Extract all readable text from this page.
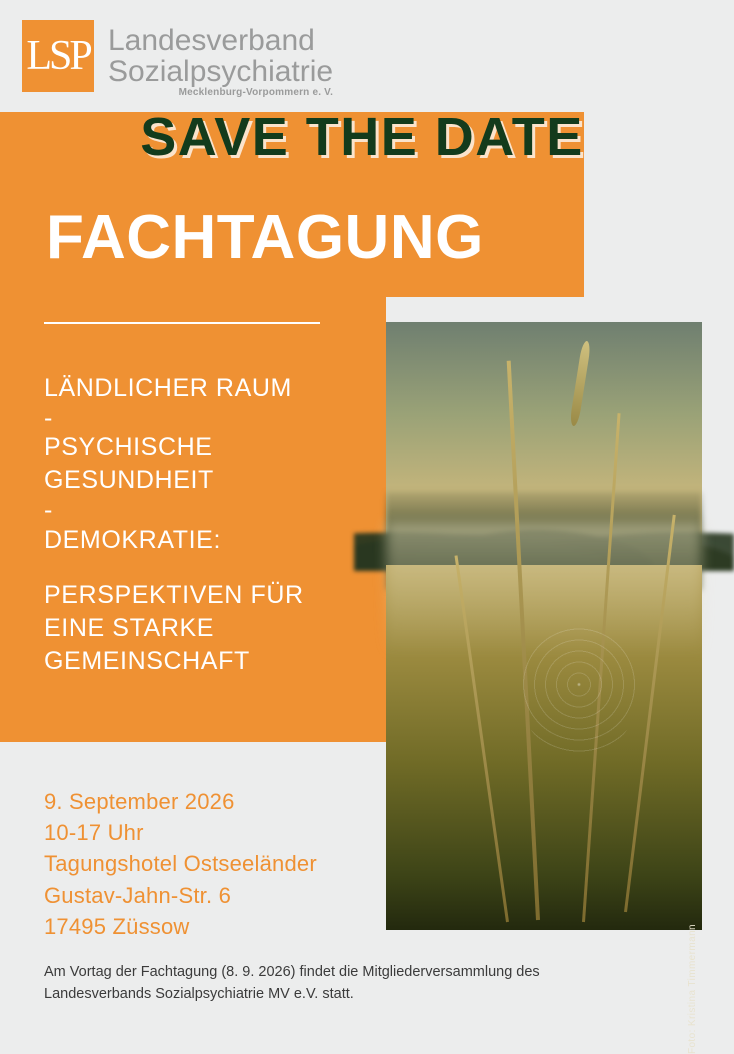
LSP Landesverband
Sozialpsychiatrie
Mecklenburg-Vorpommern e. V.
SAVE THE DATE
FACHTAGUNG
LÄNDLICHER RAUM
-
PSYCHISCHE
GESUNDHEIT
-
DEMOKRATIE:
PERSPEKTIVEN FÜR
EINE STARKE
GEMEINSCHAFT
Foto: Kristina Timmermann
9. September 2026
10-17 Uhr
Tagungshotel Ostseeländer
Gustav-Jahn-Str. 6
17495 Züssow
Am Vortag der Fachtagung (8. 9. 2026) findet die Mitgliederversammlung des
Landesverbands Sozialpsychiatrie MV e.V. statt.
